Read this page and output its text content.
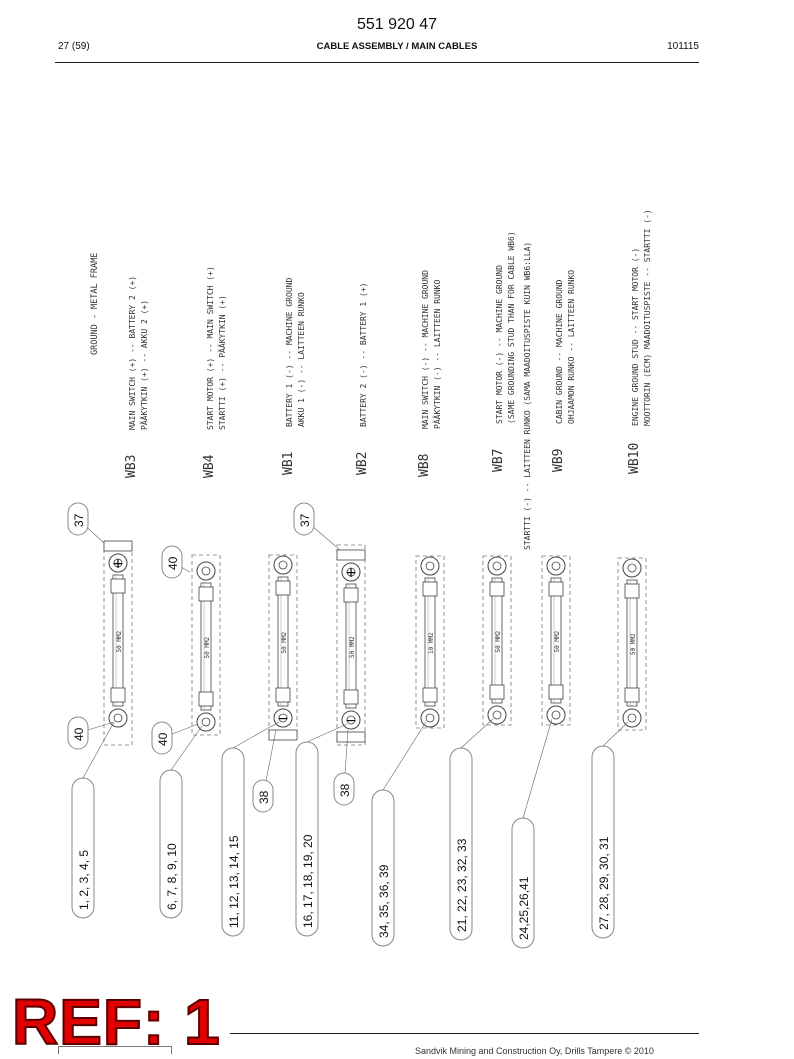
551 920 47
27 (59)	CABLE ASSEMBLY / MAIN CABLES	101115
GROUND - METAL FRAME
+
50 MM2
WB3
MAIN SWITCH (+) -- BATTERY 2 (+) PÄÄKYTKIN (+) -- AKKU 2 (+)
50 MM2
WB4
START MOTOR (+) -- MAIN SWITCH (+) STARTTI (+) -- PÄÄKYTKIN (+)
−
50 MM2
WB1
BATTERY 1 (-) -- MACHINE GROUND AKKU 1 (-) -- LAITTEEN RUNKO
+
−
50 MM2
WB2
BATTERY 2 (-) -- BATTERY 1 (+)
10 MM2
WB8
MAIN SWITCH (-) -- MACHINE GROUND PÄÄKYTKIN (-) -- LAITTEEN RUNKO
50 MM2
WB7
START MOTOR (-) -- MACHINE GROUND (SAME GROUNDING STUD THAN FOR CABLE WB6) STARTTI (-) -- LAITTEEN RUNKO (SAMA MAADOITUSPISTE KUIN WB6:LLA)
50 MM2
WB9
CABIN GROUND -- MACHINE GROUND OHJAAMON RUNKO -- LAITTEEN RUNKO
50 MM2
WB10
ENGINE GROUND STUD -- START MOTOR (-) MOOTTORIN (ECM) MAADOITUSPISTE -- STARTTI (-)
1, 2, 3, 4, 5	6, 7, 8, 9, 10	11, 12, 13, 14, 15	16, 17, 18, 19, 20	34, 35, 36, 39	21, 22, 23, 32, 33	24,25,26,41	27, 28, 29, 30, 31
37
40
40
40
37
38
38
REF: 1	Sandvik Mining and Construction Oy, Drills Tampere © 2010
